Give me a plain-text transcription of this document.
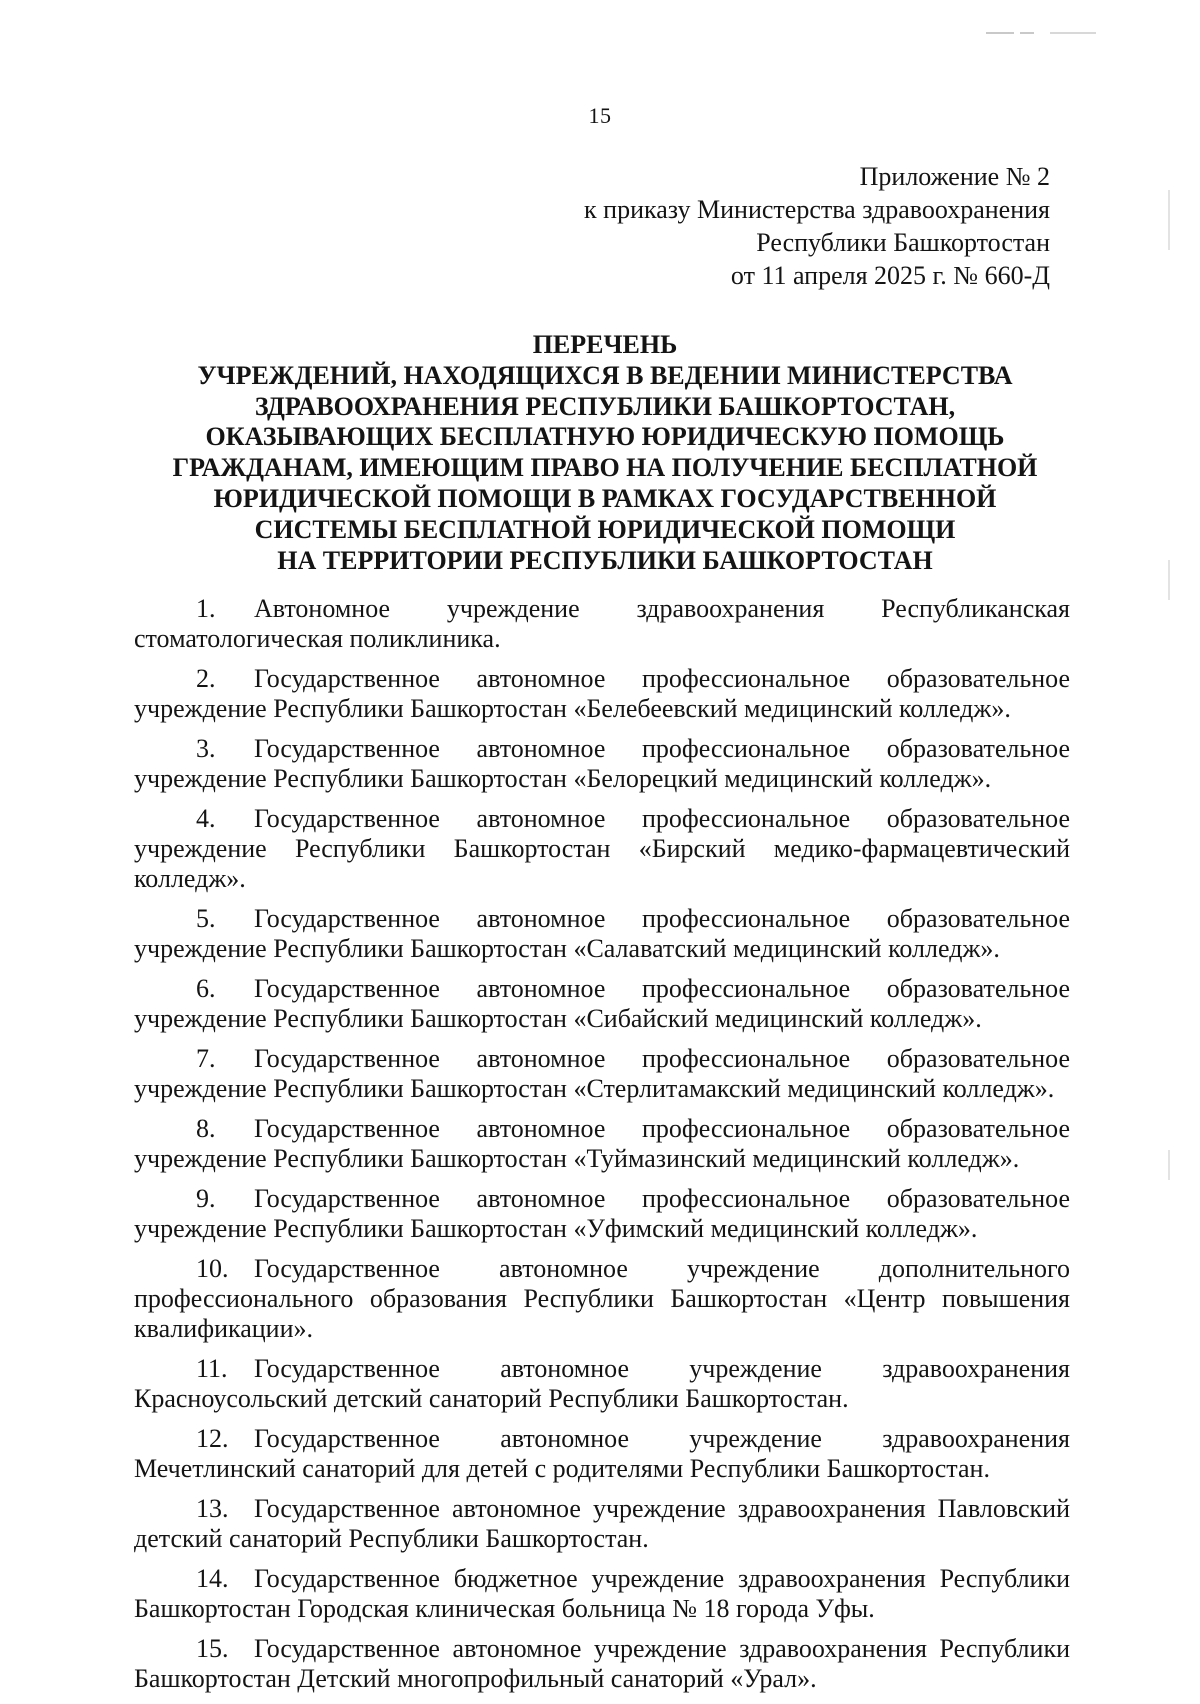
15
Приложение № 2
к приказу Министерства здравоохранения
Республики Башкортостан
от 11 апреля 2025 г. № 660-Д
ПЕРЕЧЕНЬ
УЧРЕЖДЕНИЙ, НАХОДЯЩИХСЯ В ВЕДЕНИИ МИНИСТЕРСТВА
ЗДРАВООХРАНЕНИЯ РЕСПУБЛИКИ БАШКОРТОСТАН,
ОКАЗЫВАЮЩИХ БЕСПЛАТНУЮ ЮРИДИЧЕСКУЮ ПОМОЩЬ
ГРАЖДАНАМ, ИМЕЮЩИМ ПРАВО НА ПОЛУЧЕНИЕ БЕСПЛАТНОЙ
ЮРИДИЧЕСКОЙ ПОМОЩИ В РАМКАХ ГОСУДАРСТВЕННОЙ
СИСТЕМЫ БЕСПЛАТНОЙ ЮРИДИЧЕСКОЙ ПОМОЩИ
НА ТЕРРИТОРИИ РЕСПУБЛИКИ БАШКОРТОСТАН

1. Автономное учреждение здравоохранения Республиканская стоматологическая поликлиника.

2. Государственное автономное профессиональное образовательное учреждение Республики Башкортостан «Белебеевский медицинский колледж».

3. Государственное автономное профессиональное образовательное учреждение Республики Башкортостан «Белорецкий медицинский колледж».

4. Государственное автономное профессиональное образовательное учреждение Республики Башкортостан «Бирский медико-фармацевтический колледж».

5. Государственное автономное профессиональное образовательное учреждение Республики Башкортостан «Салаватский медицинский колледж».

6. Государственное автономное профессиональное образовательное учреждение Республики Башкортостан «Сибайский медицинский колледж».

7. Государственное автономное профессиональное образовательное учреждение Республики Башкортостан «Стерлитамакский медицинский колледж».

8. Государственное автономное профессиональное образовательное учреждение Республики Башкортостан «Туймазинский медицинский колледж».

9. Государственное автономное профессиональное образовательное учреждение Республики Башкортостан «Уфимский медицинский колледж».

10. Государственное автономное учреждение дополнительного профессионального образования Республики Башкортостан «Центр повышения квалификации».

11. Государственное автономное учреждение здравоохранения Красноусольский детский санаторий Республики Башкортостан.

12. Государственное автономное учреждение здравоохранения Мечетлинский санаторий для детей с родителями Республики Башкортостан.

13. Государственное автономное учреждение здравоохранения Павловский детский санаторий Республики Башкортостан.

14. Государственное бюджетное учреждение здравоохранения Республики Башкортостан Городская клиническая больница № 18 города Уфы.

15. Государственное автономное учреждение здравоохранения Республики Башкортостан Детский многопрофильный санаторий «Урал».
